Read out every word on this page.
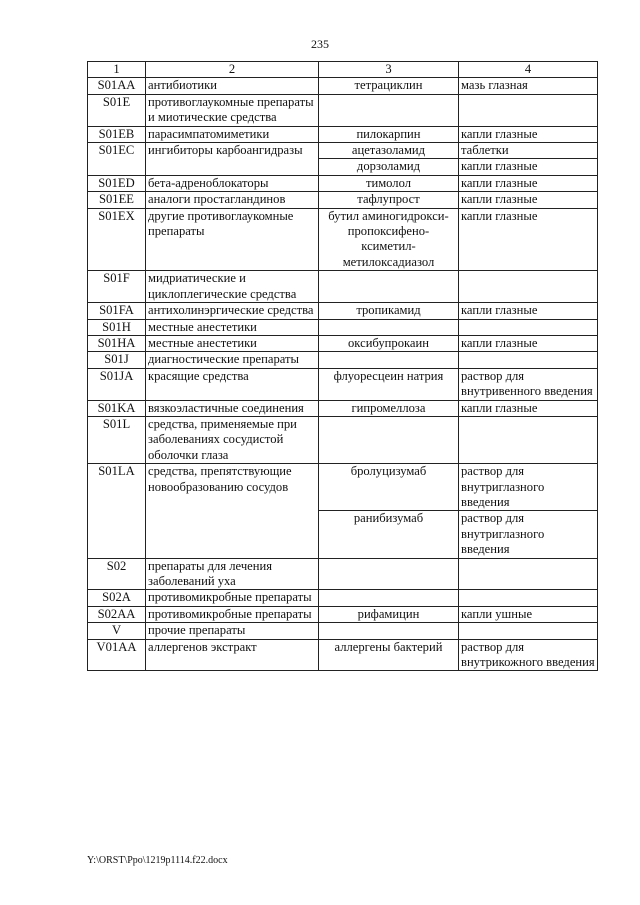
235
1	2	3	4
S01AA	антибиотики	тетрациклин	мазь глазная
S01E	противоглаукомные препараты и миотические средства		
S01EB	парасимпатомиметики	пилокарпин	капли глазные
S01EC	ингибиторы карбоангидразы	ацетазоламид	таблетки
		дорзоламид	капли глазные
S01ED	бета-адреноблокаторы	тимолол	капли глазные
S01EE	аналоги простагландинов	тафлупрост	капли глазные
S01EX	другие противоглаукомные препараты	бутил аминогидрокси-пропоксифено-ксиметил-метилоксадиазол	капли глазные
S01F	мидриатические и циклоплегические средства		
S01FA	антихолинэргические средства	тропикамид	капли глазные
S01H	местные анестетики		
S01HA	местные анестетики	оксибупрокаин	капли глазные
S01J	диагностические препараты		
S01JA	красящие средства	флуоресцеин натрия	раствор для внутривенного введения
S01KA	вязкоэластичные соединения	гипромеллоза	капли глазные
S01L	средства, применяемые при заболеваниях сосудистой оболочки глаза		
S01LA	средства, препятствующие новообразованию сосудов	бролуцизумаб	раствор для внутриглазного введения
		ранибизумаб	раствор для внутриглазного введения
S02	препараты для лечения заболеваний уха		
S02A	противомикробные препараты		
S02AA	противомикробные препараты	рифамицин	капли ушные
V	прочие препараты		
V01AA	аллергенов экстракт	аллергены бактерий	раствор для внутрикожного введения
Y:\ORST\Ppo\1219p1114.f22.docx
